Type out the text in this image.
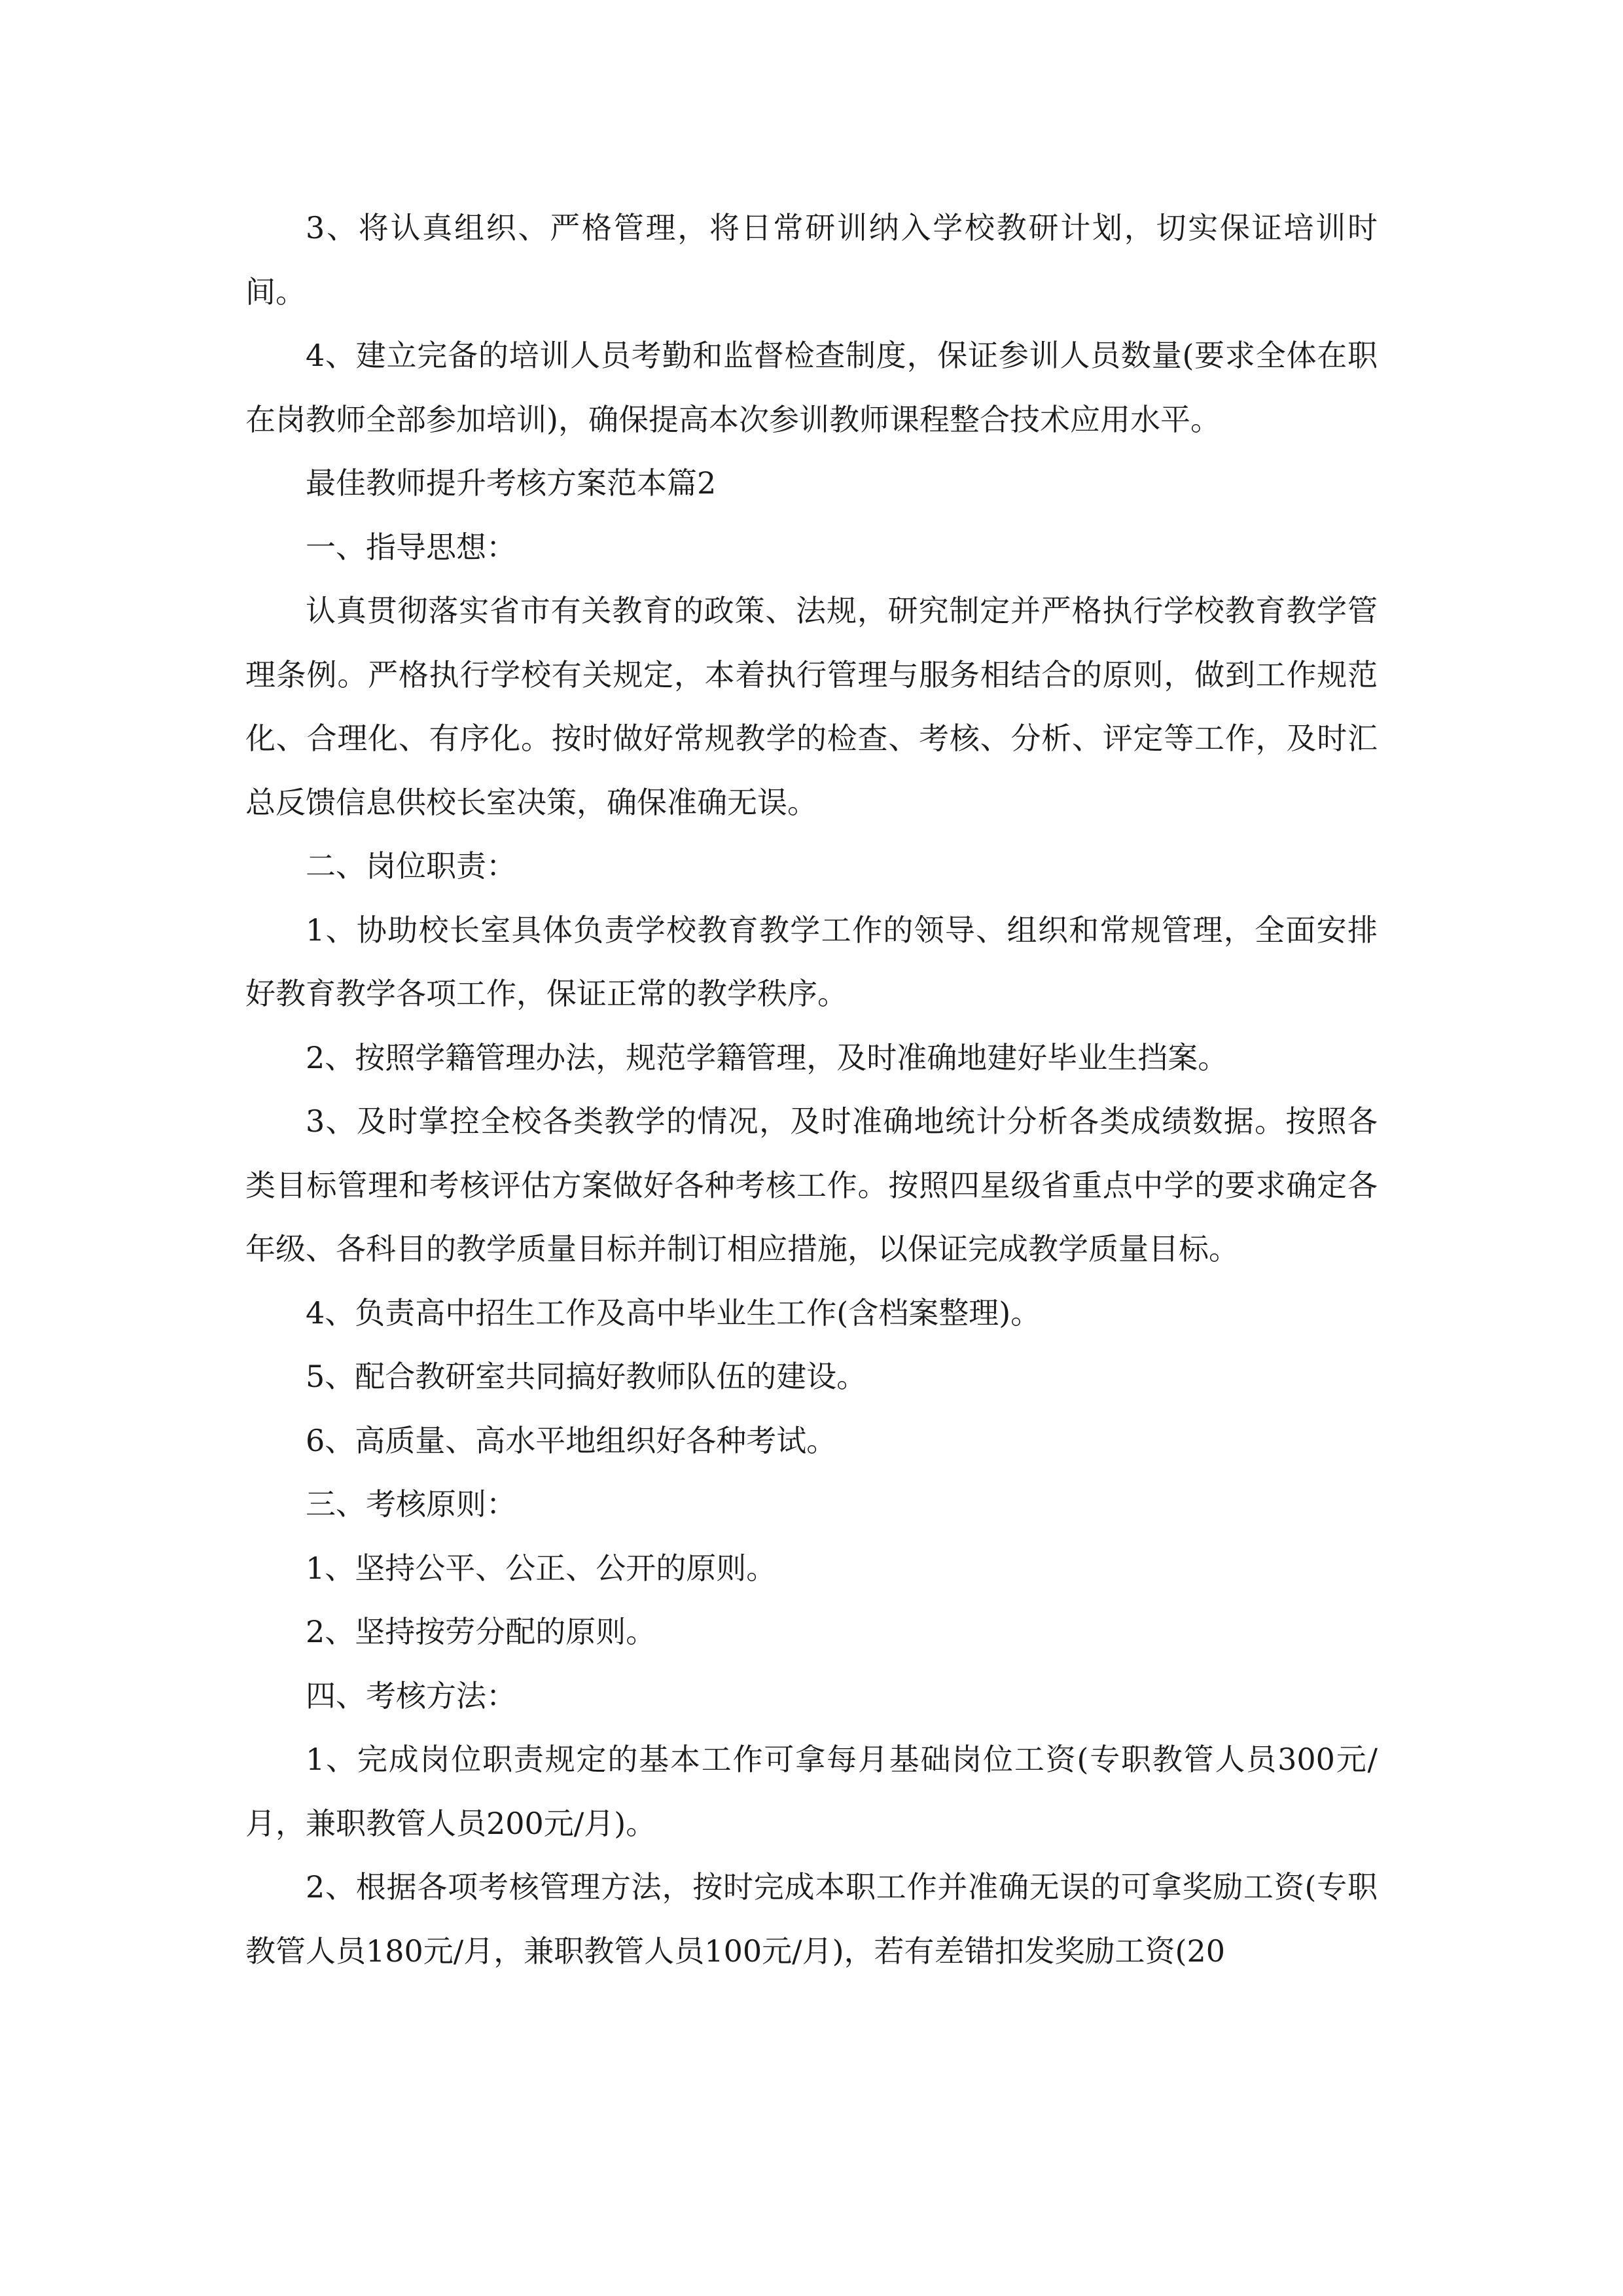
3、将认真组织、严格管理，将日常研训纳入学校教研计划，切实保证培训时间。

4、建立完备的培训人员考勤和监督检查制度，保证参训人员数量(要求全体在职在岗教师全部参加培训)，确保提高本次参训教师课程整合技术应用水平。

最佳教师提升考核方案范本篇2

一、指导思想：

认真贯彻落实省市有关教育的政策、法规，研究制定并严格执行学校教育教学管理条例。严格执行学校有关规定，本着执行管理与服务相结合的原则，做到工作规范化、合理化、有序化。按时做好常规教学的检查、考核、分析、评定等工作，及时汇总反馈信息供校长室决策，确保准确无误。

二、岗位职责：

1、协助校长室具体负责学校教育教学工作的领导、组织和常规管理，全面安排好教育教学各项工作，保证正常的教学秩序。

2、按照学籍管理办法，规范学籍管理，及时准确地建好毕业生挡案。

3、及时掌控全校各类教学的情况，及时准确地统计分析各类成绩数据。按照各类目标管理和考核评估方案做好各种考核工作。按照四星级省重点中学的要求确定各年级、各科目的教学质量目标并制订相应措施，以保证完成教学质量目标。

4、负责高中招生工作及高中毕业生工作(含档案整理)。

5、配合教研室共同搞好教师队伍的建设。

6、高质量、高水平地组织好各种考试。

三、考核原则：

1、坚持公平、公正、公开的原则。

2、坚持按劳分配的原则。

四、考核方法：

1、完成岗位职责规定的基本工作可拿每月基础岗位工资(专职教管人员300元/月，兼职教管人员200元/月)。

2、根据各项考核管理方法，按时完成本职工作并准确无误的可拿奖励工资(专职教管人员180元/月，兼职教管人员100元/月)，若有差错扣发奖励工资(20
